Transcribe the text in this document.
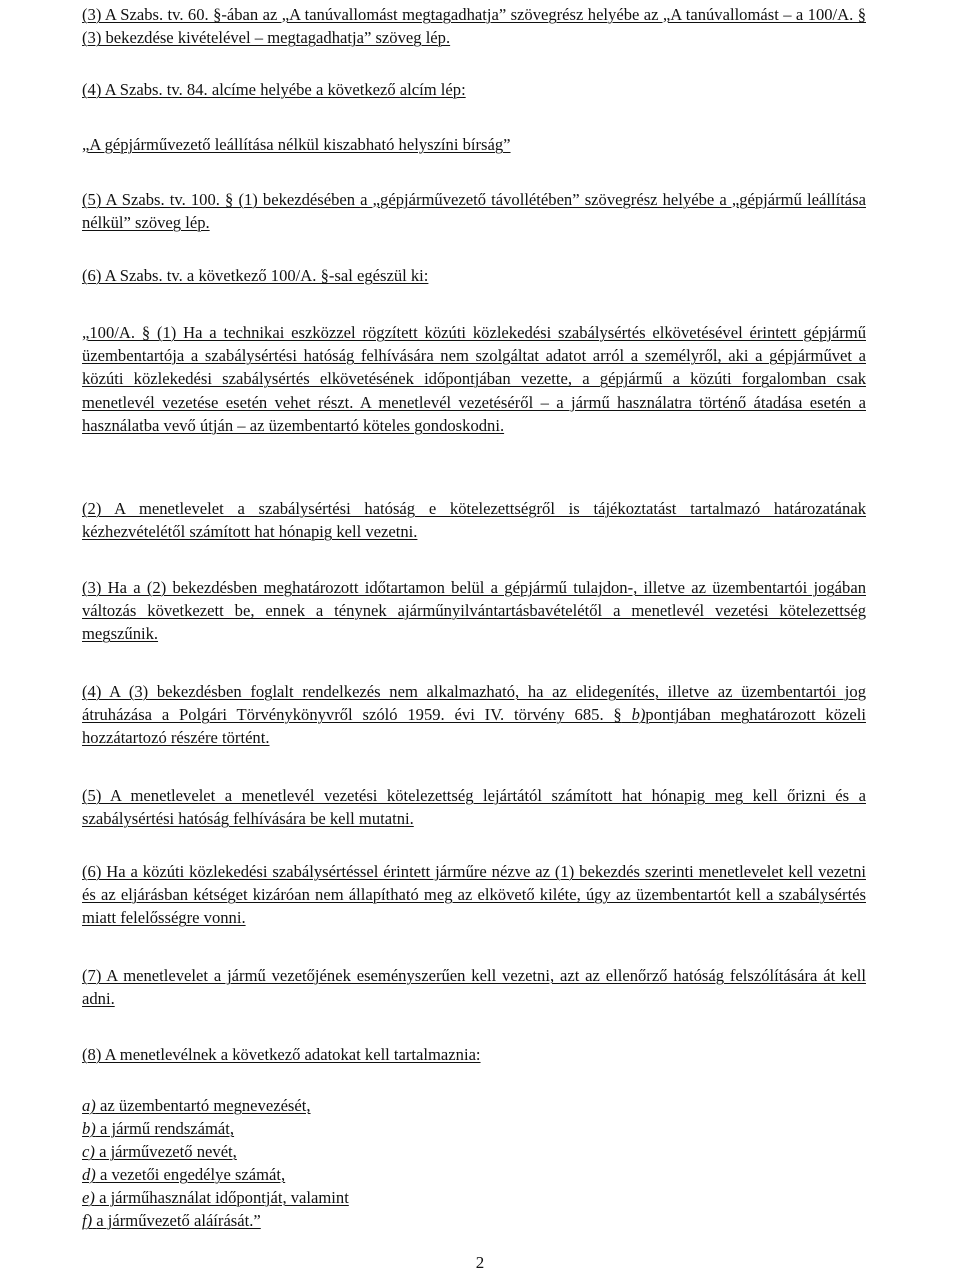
(3) A Szabs. tv. 60. §-ában az „A tanúvallomást megtagadhatja” szövegrész helyébe az „A tanúvallomást – a 100/A. § (3) bekezdése kivételével – megtagadhatja” szöveg lép.

(4) A Szabs. tv. 84. alcíme helyébe a következő alcím lép:

„A gépjárművezető leállítása nélkül kiszabható helyszíni bírság”

(5) A Szabs. tv. 100. § (1) bekezdésében a „gépjárművezető távollétében” szövegrész helyébe a „gépjármű leállítása nélkül” szöveg lép.

(6) A Szabs. tv. a következő 100/A. §-sal egészül ki:

„100/A. § (1) Ha a technikai eszközzel rögzített közúti közlekedési szabálysértés elkövetésével érintett gépjármű üzembentartója a szabálysértési hatóság felhívására nem szolgáltat adatot arról a személyről, aki a gépjárművet a közúti közlekedési szabálysértés elkövetésének időpontjában vezette, a gépjármű a közúti forgalomban csak menetlevél vezetése esetén vehet részt. A menetlevél vezetéséről – a jármű használatra történő átadása esetén a használatba vevő útján – az üzembentartó köteles gondoskodni.

(2) A menetlevelet a szabálysértési hatóság e kötelezettségről is tájékoztatást tartalmazó határozatának kézhezvételétől számított hat hónapig kell vezetni.

(3) Ha a (2) bekezdésben meghatározott időtartamon belül a gépjármű tulajdon-, illetve az üzembentartói jogában változás következett be, ennek a ténynek ajárműnyilvántartásbavételétől a menetlevél vezetési kötelezettség megszűnik.

(4) A (3) bekezdésben foglalt rendelkezés nem alkalmazható, ha az elidegenítés, illetve az üzembentartói jog átruházása a Polgári Törvénykönyvről szóló 1959. évi IV. törvény 685. § b)pontjában meghatározott közeli hozzátartozó részére történt.

(5) A menetlevelet a menetlevél vezetési kötelezettség lejártától számított hat hónapig meg kell őrizni és a szabálysértési hatóság felhívására be kell mutatni.

(6) Ha a közúti közlekedési szabálysértéssel érintett járműre nézve az (1) bekezdés szerinti menetlevelet kell vezetni és az eljárásban kétséget kizáróan nem állapítható meg az elkövető kiléte, úgy az üzembentartót kell a szabálysértés miatt felelősségre vonni.

(7) A menetlevelet a jármű vezetőjének eseményszerűen kell vezetni, azt az ellenőrző hatóság felszólítására át kell adni.

(8) A menetlevélnek a következő adatokat kell tartalmaznia:

a) az üzembentartó megnevezését,
b) a jármű rendszámát,
c) a járművezető nevét,
d) a vezetői engedélye számát,
e) a járműhasználat időpontját, valamint
f) a járművezető aláírását.”
2
